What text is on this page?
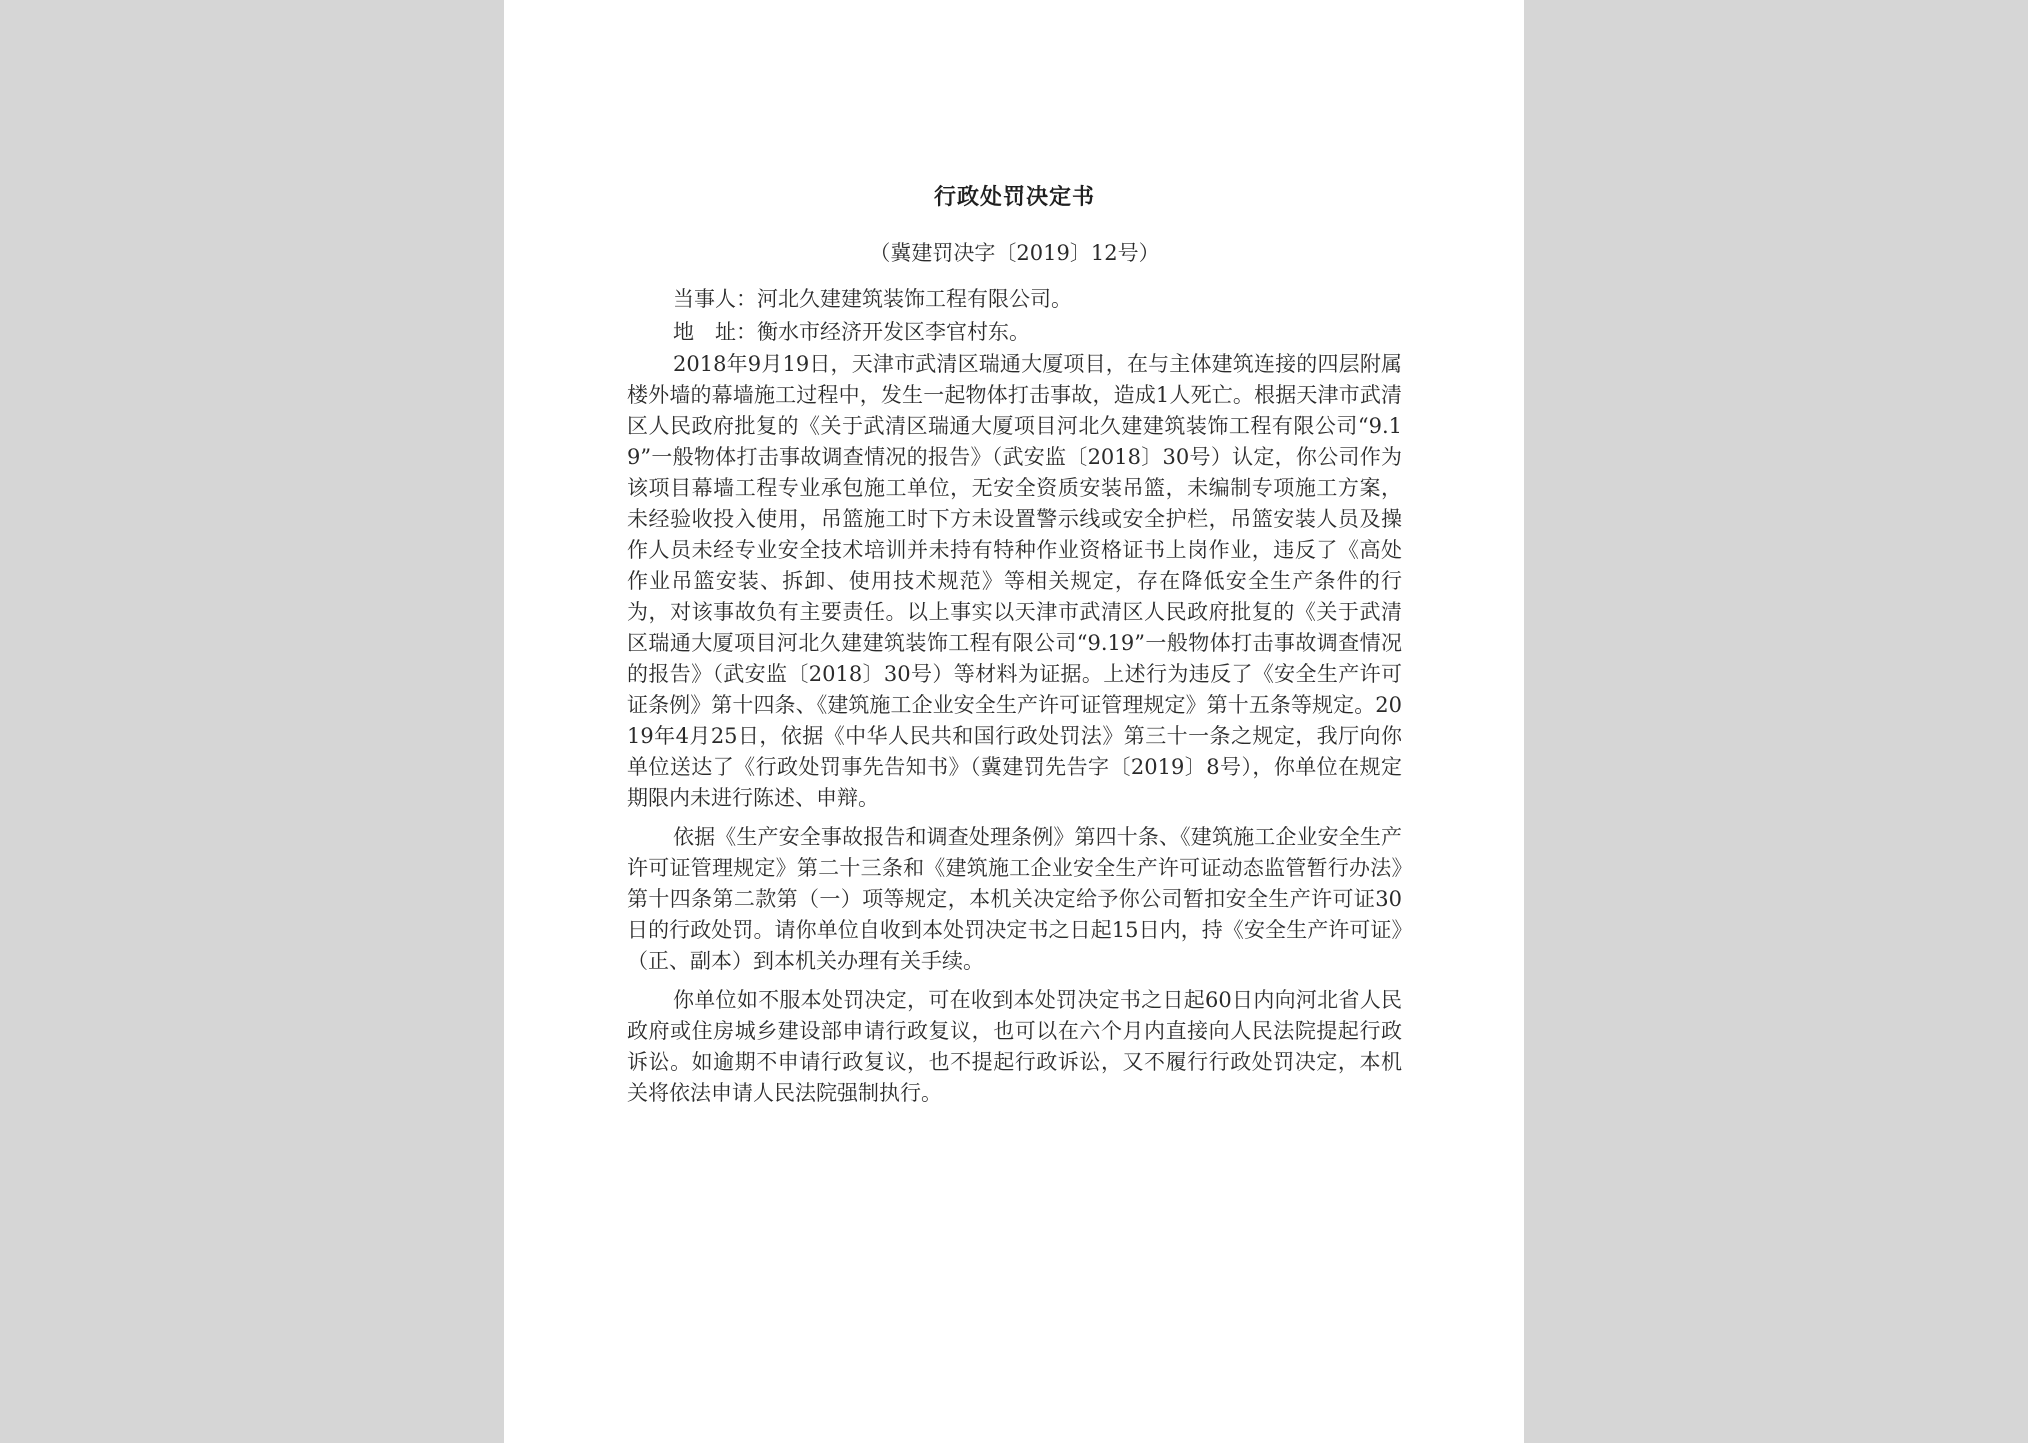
行政处罚决定书
（冀建罚决字〔2019〕12号）

当事人：河北久建建筑装饰工程有限公司。

地　址：衡水市经济开发区李官村东。

2018年9月19日，天津市武清区瑞通大厦项目，在与主体建筑连接的四层附属楼外墙的幕墙施工过程中，发生一起物体打击事故，造成1人死亡。根据天津市武清区人民政府批复的《关于武清区瑞通大厦项目河北久建建筑装饰工程有限公司“9.19”一般物体打击事故调查情况的报告》（武安监〔2018〕30号）认定，你公司作为该项目幕墙工程专业承包施工单位，无安全资质安装吊篮，未编制专项施工方案，未经验收投入使用，吊篮施工时下方未设置警示线或安全护栏，吊篮安装人员及操作人员未经专业安全技术培训并未持有特种作业资格证书上岗作业，违反了《高处作业吊篮安装、拆卸、使用技术规范》等相关规定，存在降低安全生产条件的行为，对该事故负有主要责任。以上事实以天津市武清区人民政府批复的《关于武清区瑞通大厦项目河北久建建筑装饰工程有限公司“9.19”一般物体打击事故调查情况的报告》（武安监〔2018〕30号）等材料为证据。上述行为违反了《安全生产许可证条例》第十四条、《建筑施工企业安全生产许可证管理规定》第十五条等规定。2019年4月25日，依据《中华人民共和国行政处罚法》第三十一条之规定，我厅向你单位送达了《行政处罚事先告知书》（冀建罚先告字〔2019〕8号），你单位在规定期限内未进行陈述、申辩。

依据《生产安全事故报告和调查处理条例》第四十条、《建筑施工企业安全生产许可证管理规定》第二十三条和《建筑施工企业安全生产许可证动态监管暂行办法》第十四条第二款第（一）项等规定，本机关决定给予你公司暂扣安全生产许可证30日的行政处罚。请你单位自收到本处罚决定书之日起15日内，持《安全生产许可证》（正、副本）到本机关办理有关手续。

你单位如不服本处罚决定，可在收到本处罚决定书之日起60日内向河北省人民政府或住房城乡建设部申请行政复议，也可以在六个月内直接向人民法院提起行政诉讼。如逾期不申请行政复议，也不提起行政诉讼，又不履行行政处罚决定，本机关将依法申请人民法院强制执行。
